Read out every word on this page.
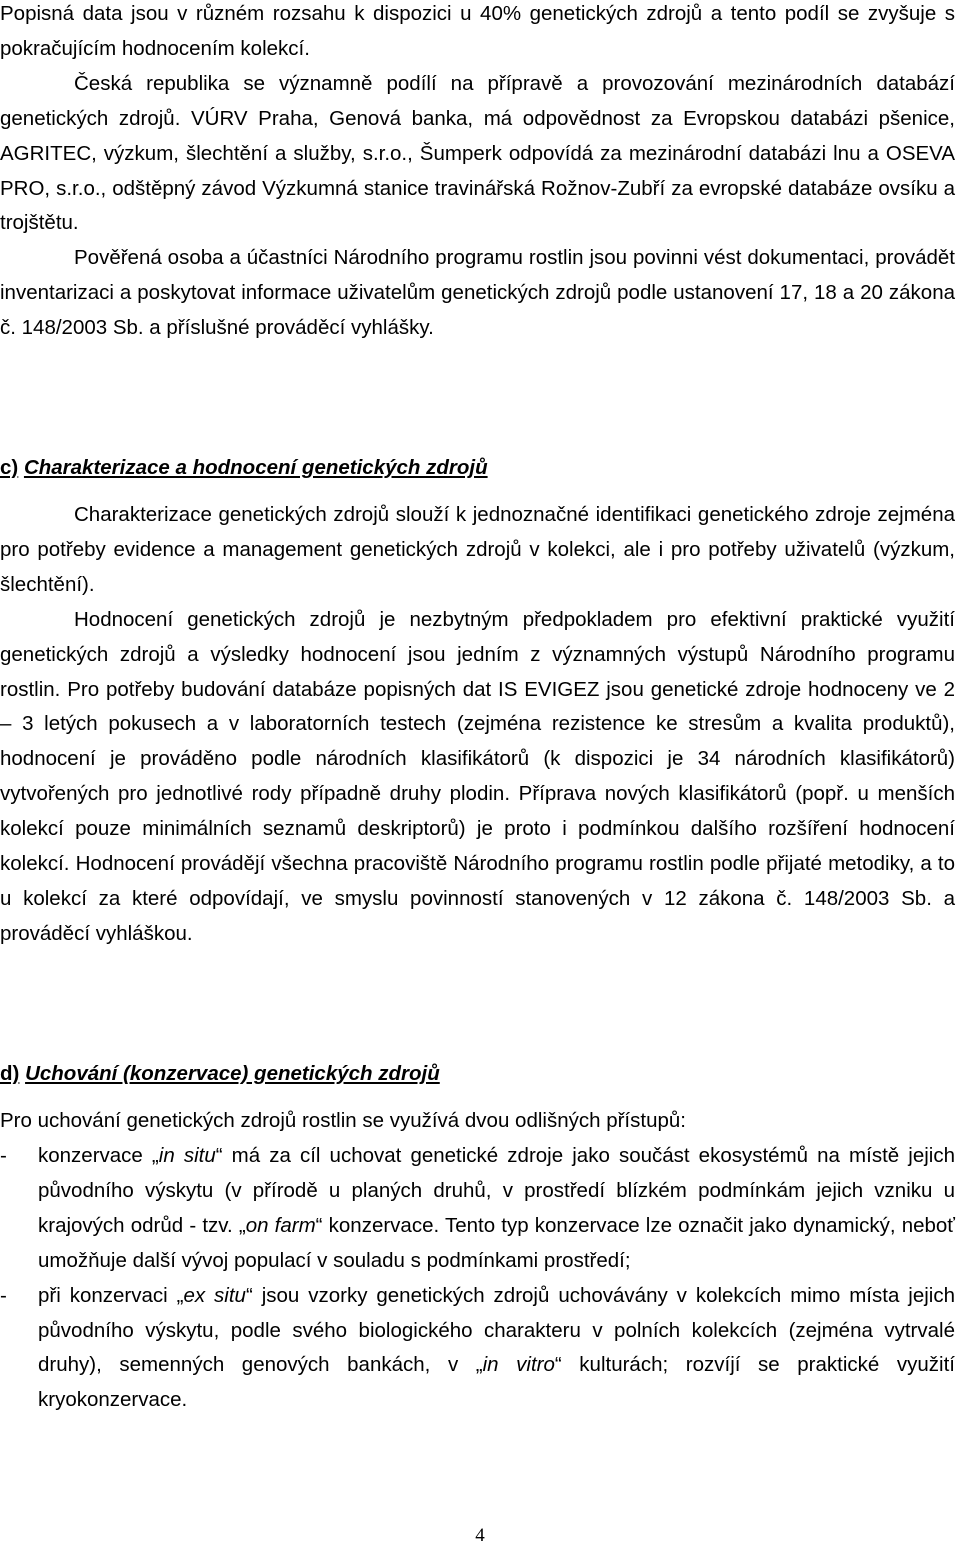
Popisná data jsou v různém rozsahu k dispozici u 40% genetických zdrojů a tento podíl se zvyšuje s pokračujícím hodnocením kolekcí.

Česká republika se významně podílí na přípravě a provozování mezinárodních databází genetických zdrojů. VÚRV Praha, Genová banka, má odpovědnost za Evropskou databázi pšenice, AGRITEC, výzkum, šlechtění a služby, s.r.o., Šumperk odpovídá za mezinárodní databázi lnu a OSEVA PRO, s.r.o., odštěpný závod Výzkumná stanice travinářská Rožnov-Zubří za evropské databáze ovsíku a trojštětu.

Pověřená osoba a účastníci Národního programu rostlin jsou povinni vést dokumentaci, provádět inventarizaci a poskytovat informace uživatelům genetických zdrojů podle ustanovení 17, 18 a 20 zákona č. 148/2003 Sb. a příslušné prováděcí vyhlášky.

c) Charakterizace a hodnocení genetických zdrojů

Charakterizace genetických zdrojů slouží k jednoznačné identifikaci genetického zdroje zejména pro potřeby evidence a management genetických zdrojů v kolekci, ale i pro potřeby uživatelů (výzkum, šlechtění).

Hodnocení genetických zdrojů je nezbytným předpokladem pro efektivní praktické využití genetických zdrojů a výsledky hodnocení jsou jedním z významných výstupů Národního programu rostlin. Pro potřeby budování databáze popisných dat IS EVIGEZ jsou genetické zdroje hodnoceny ve 2 – 3 letých pokusech a v laboratorních testech (zejména rezistence ke stresům a kvalita produktů), hodnocení je prováděno podle národních klasifikátorů (k dispozici je 34 národních klasifikátorů) vytvořených pro jednotlivé rody případně druhy plodin. Příprava nových klasifikátorů (popř. u menších kolekcí pouze minimálních seznamů deskriptorů) je proto i podmínkou dalšího rozšíření hodnocení kolekcí. Hodnocení provádějí všechna pracoviště Národního programu rostlin podle přijaté metodiky, a to u kolekcí za které odpovídají, ve smyslu povinností stanovených v 12 zákona č. 148/2003 Sb. a prováděcí vyhláškou.

d) Uchování (konzervace) genetických zdrojů

Pro uchování genetických zdrojů rostlin se využívá dvou odlišných přístupů:

- konzervace „in situ“ má za cíl uchovat genetické zdroje jako součást ekosystémů na místě jejich původního výskytu (v přírodě u planých druhů, v prostředí blízkém podmínkám jejich vzniku u krajových odrůd - tzv. „on farm“ konzervace. Tento typ konzervace lze označit jako dynamický, neboť umožňuje další vývoj populací v souladu s podmínkami prostředí;
- při konzervaci „ex situ“ jsou vzorky genetických zdrojů uchovávány v kolekcích mimo místa jejich původního výskytu, podle svého biologického charakteru v polních kolekcích (zejména vytrvalé druhy), semenných genových bankách, v „in vitro“ kulturách; rozvíjí se praktické využití kryokonzervace.
4
